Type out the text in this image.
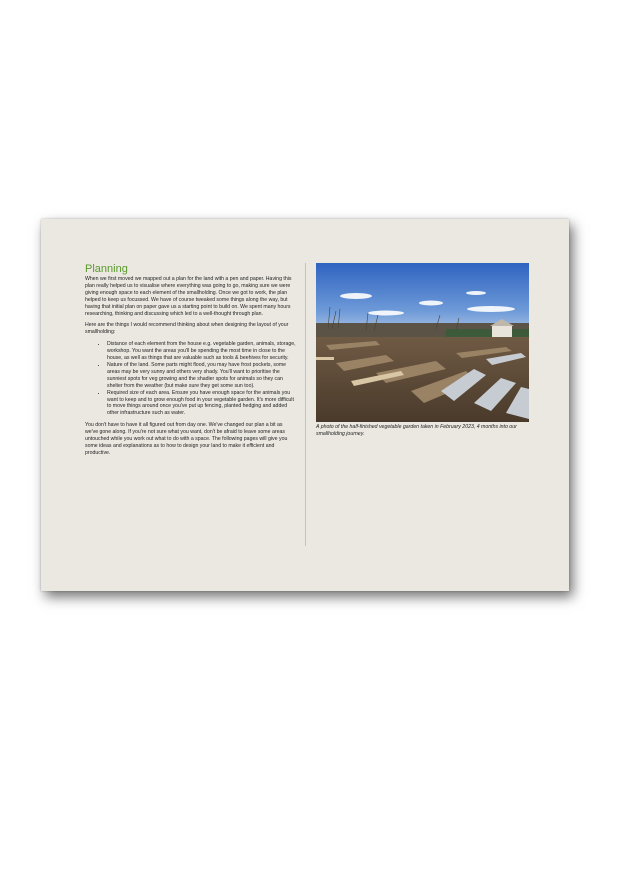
Planning

When we first moved we mapped out a plan for the land with a pen and paper. Having this plan really helped us to visualise where everything was going to go, making sure we were giving enough space to each element of the smallholding. Once we got to work, the plan helped to keep us focussed. We have of course tweaked some things along the way, but having that initial plan on paper gave us a starting point to build on. We spent many hours researching, thinking and discussing which led to a well-thought through plan.

Here are the things I would recommend thinking about when designing the layout of your smallholding:

• Distance of each element from the house e.g. vegetable garden, animals, storage, workshop. You want the areas you'll be spending the most time in close to the house, as well as things that are valuable such as tools & beehives for security.
• Nature of the land. Some parts might flood, you may have frost pockets, some areas may be very sunny and others very shady. You'll want to prioritise the sunniest spots for veg growing and the shadier spots for animals so they can shelter from the weather (but make sure they get some sun too).
• Required size of each area. Ensure you have enough space for the animals you want to keep and to grow enough food in your vegetable garden. It's more difficult to move things around once you've put up fencing, planted hedging and added other infrastructure such as water.

You don't have to have it all figured out from day one. We've changed our plan a bit as we've gone along. If you're not sure what you want, don't be afraid to leave some areas untouched while you work out what to do with a space. The following pages will give you some ideas and explanations as to how to design your land to make it efficient and productive.

A photo of the half-finished vegetable garden taken in February 2023, 4 months into our smallholding journey.
